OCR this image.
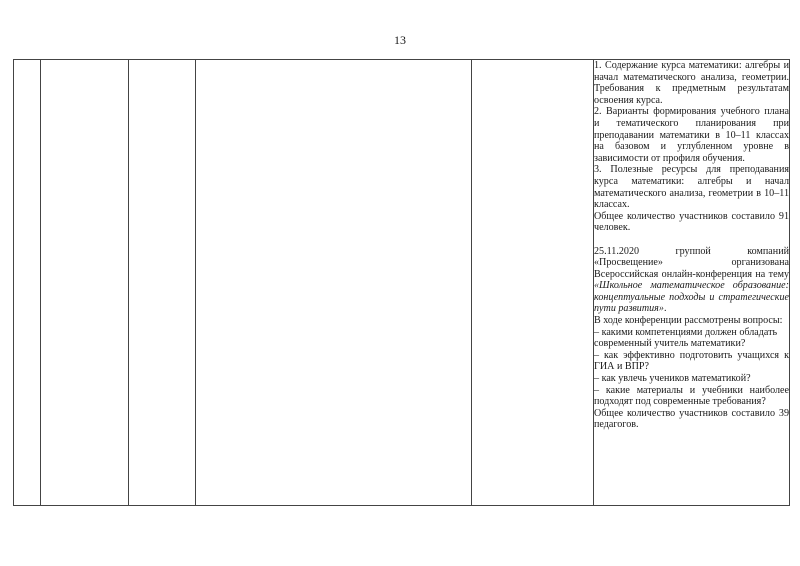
13

1. Содержание курса математики: алгебры и начал математического анализа, геометрии. Требования к предметным результатам освоения курса.

2. Варианты формирования учебного плана и тематического планирования при преподавании математики в 10–11 классах на базовом и углубленном уровне в зависимости от профиля обучения.

3. Полезные ресурсы для преподавания курса математики: алгебры и начал математического анализа, геометрии в 10–11 классах.

Общее количество участников составило 91 человек.

25.11.2020 группой компаний «Просвещение» организована Всероссийская онлайн-конференция на тему «Школьное математическое образование: концептуальные подходы и стратегические пути развития».

В ходе конференции рассмотрены вопросы:

– какими компетенциями должен обладать современный учитель математики?

– как эффективно подготовить учащихся к ГИА и ВПР?

– как увлечь учеников математикой?

– какие материалы и учебники наиболее подходят под современные требования?

Общее количество участников составило 39 педагогов.
